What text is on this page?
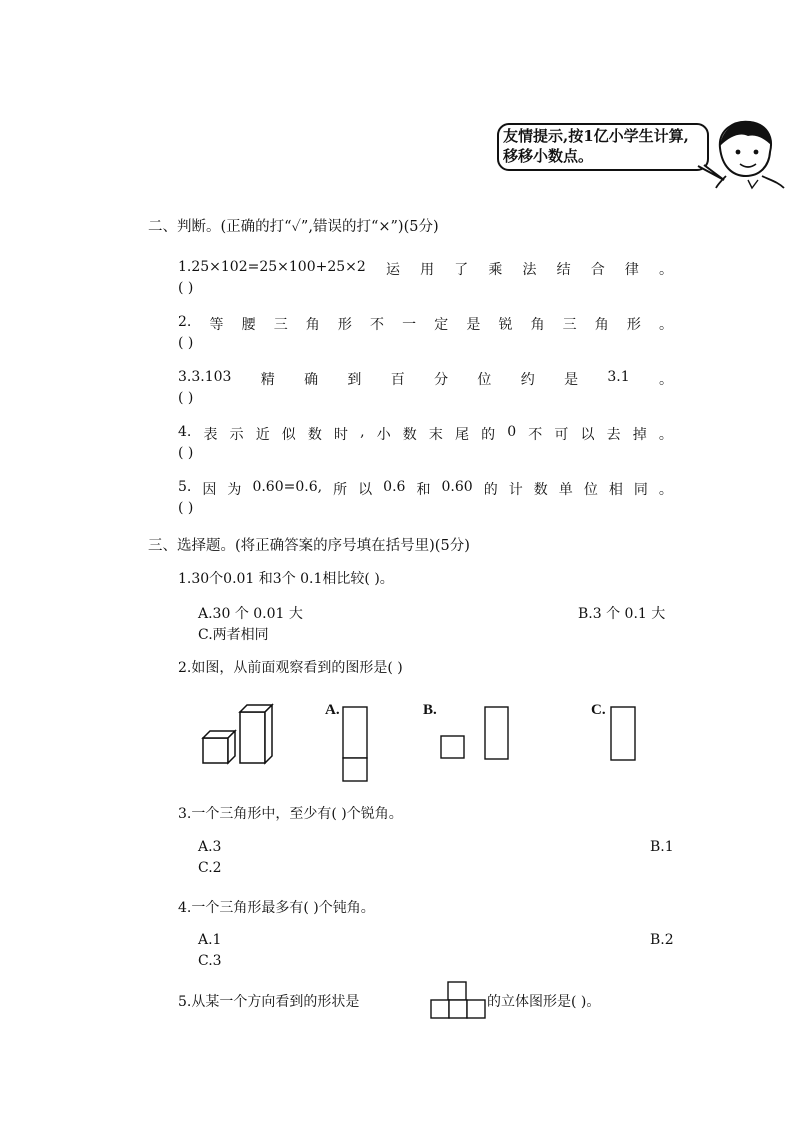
友情提示,按1亿小学生计算,
移移小数点。
二、判断。(正确的打“✓”,错误的打“×”)(5分)
1.25×102=25×100+25×2 运 用 了 乘 法 结 合 律 。
( )
2. 等 腰 三 角 形 不 一 定 是 锐 角 三 角 形 。
( )
3.3.103 精 确 到 百 分 位 约 是 3.1 。
( )
4. 表 示 近 似 数 时 , 小 数 末 尾 的 0 不 可 以 去 掉 。
( )
5. 因 为 0.60=0.6, 所 以 0.6 和 0.60 的 计 数 单 位 相 同 。
( )
三、选择题。(将正确答案的序号填在括号里)(5分)
1.30个0.01 和3个 0.1相比较( )。
A.30 个 0.01 大	B.3 个 0.1 大
C.两者相同
2.如图，从前面观察看到的图形是( )
A.	B.	C.
3.一个三角形中，至少有( )个锐角。
A.3	B.1
C.2
4.一个三角形最多有( )个钝角。
A.1	B.2
C.3
5.从某一个方向看到的形状是	的立体图形是( )。
